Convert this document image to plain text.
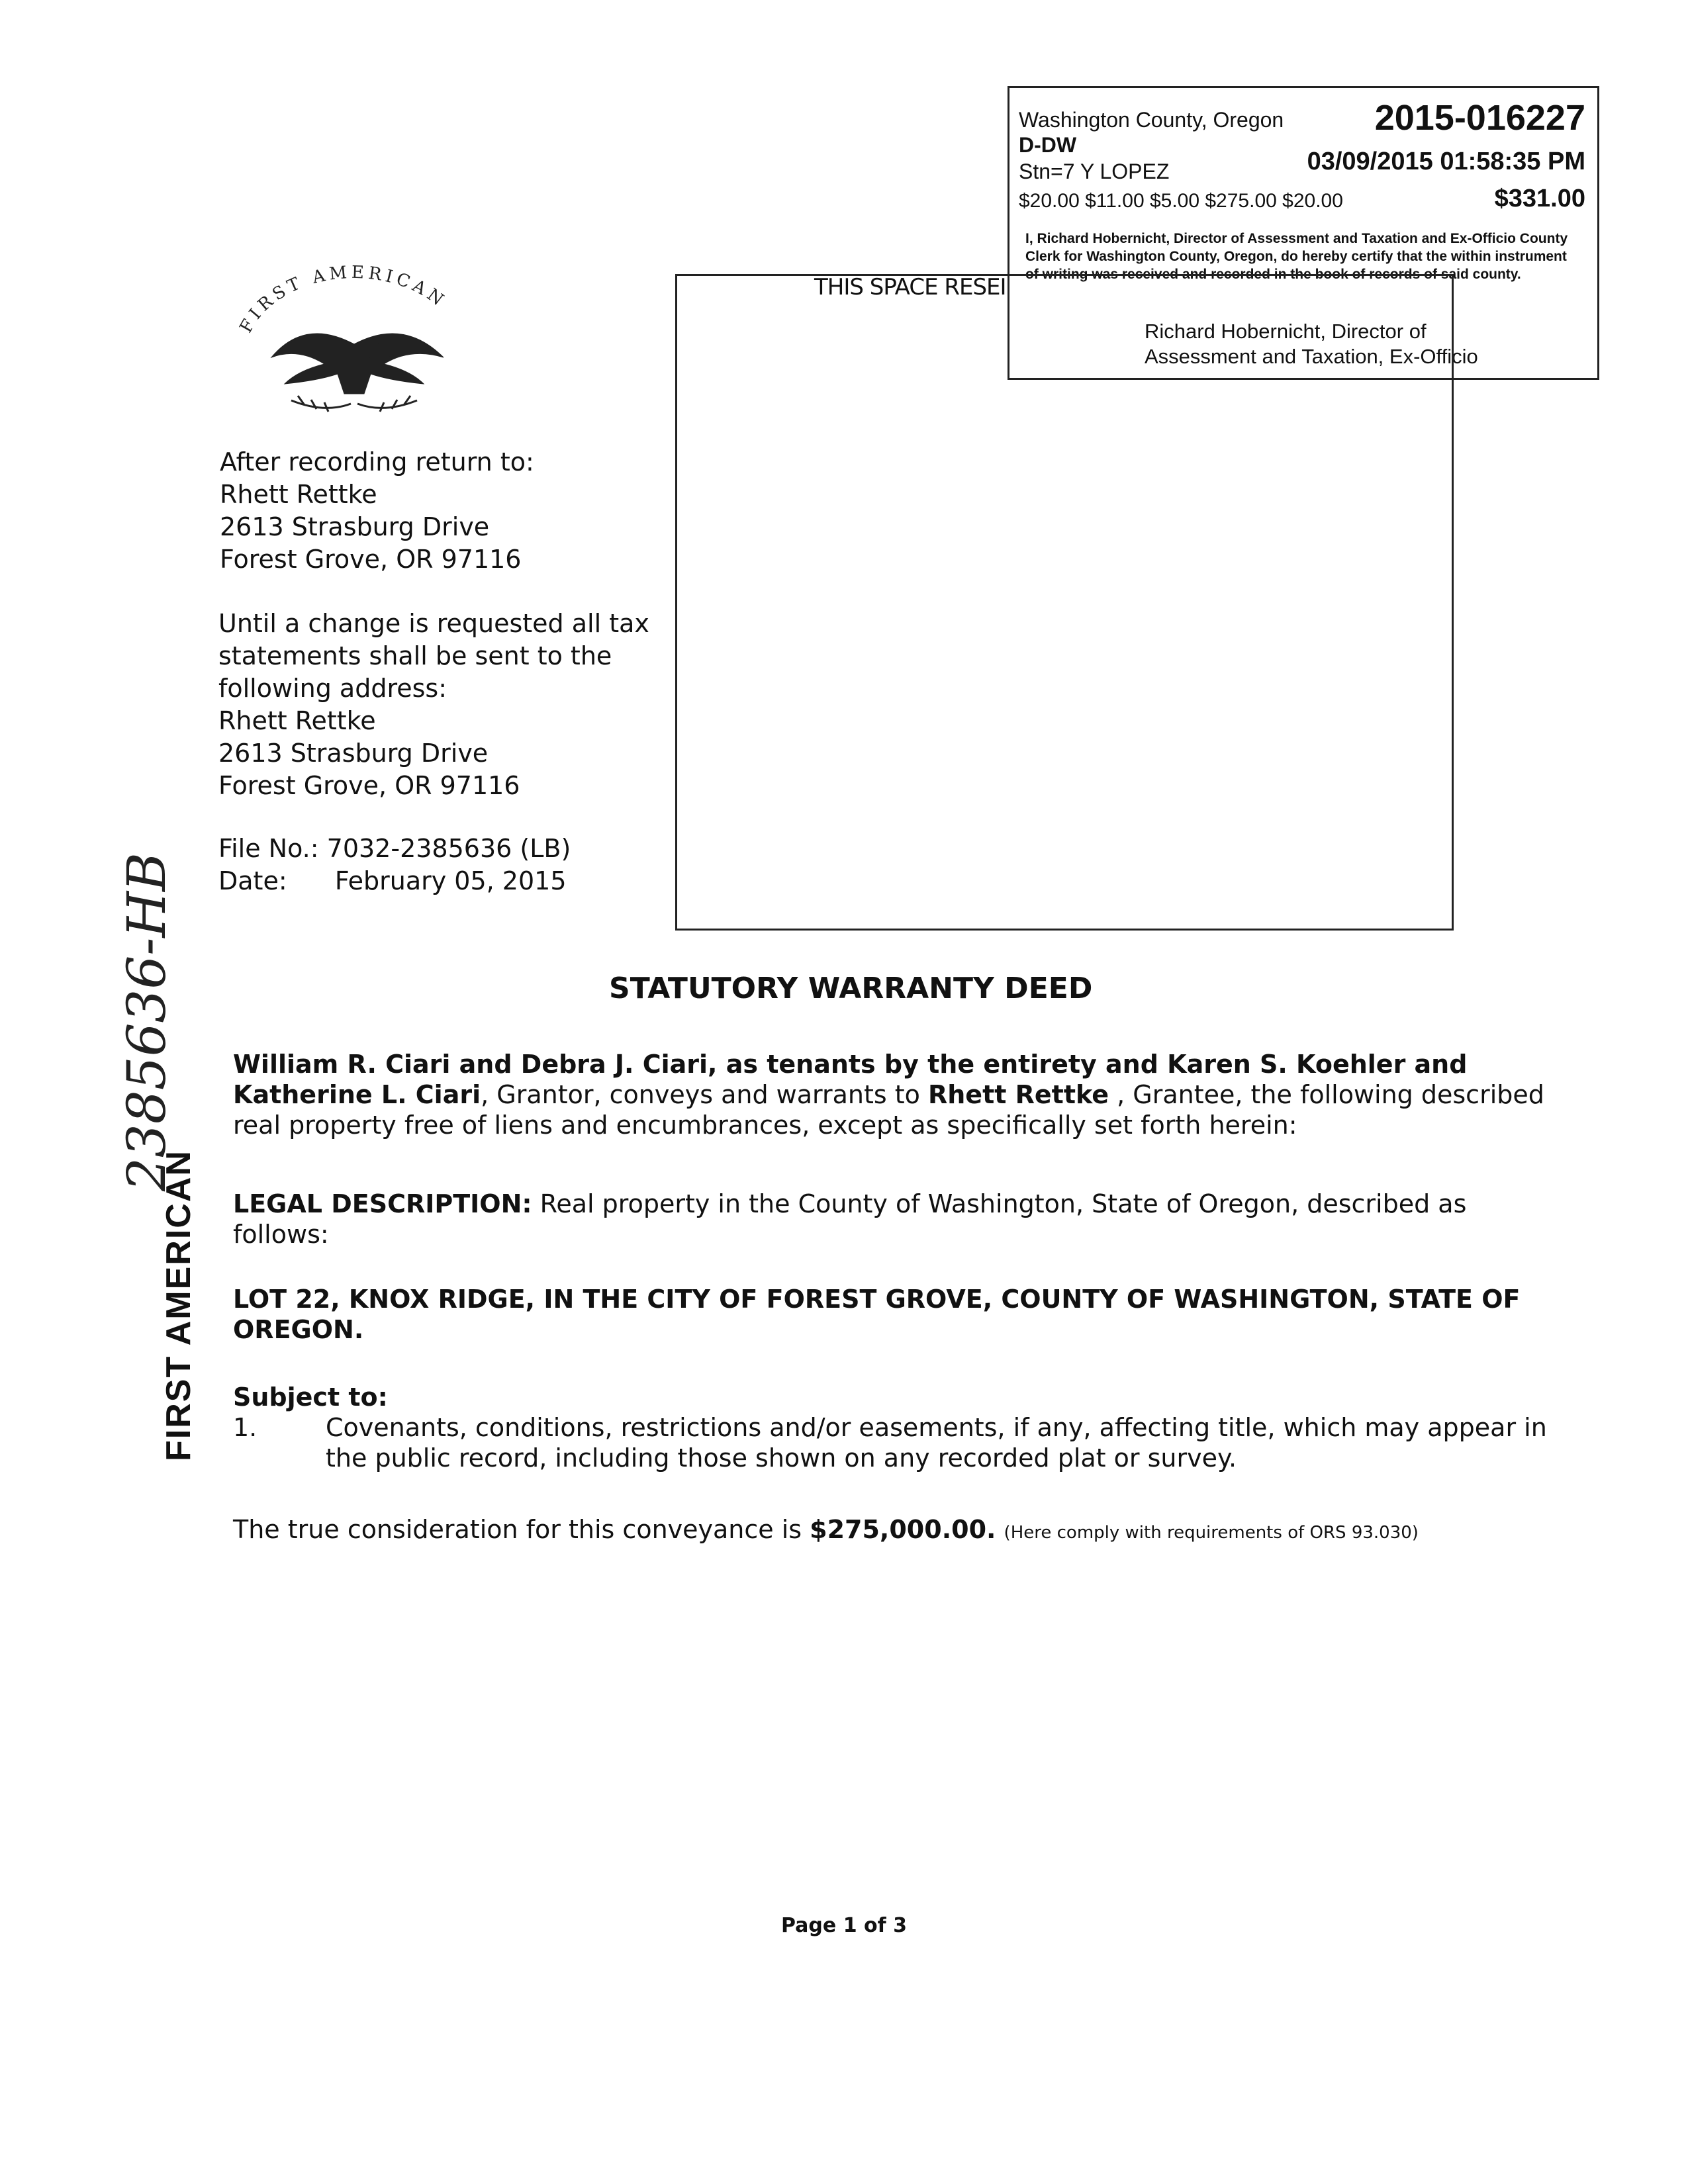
Washington County, Oregon	2015-016227
D-DW
Stn=7 Y LOPEZ	03/09/2015 01:58:35 PM
$20.00 $11.00 $5.00 $275.00 $20.00	$331.00
I, Richard Hobernicht, Director of Assessment and Taxation and Ex-Officio County Clerk for Washington County, Oregon, do hereby certify that the within instrument of writing was received and recorded in the book of records of said county.
Richard Hobernicht, Director of
Assessment and Taxation, Ex-Officio
THIS SPACE RESEI
FIRST AMERICAN
After recording return to:
Rhett Rettke
2613 Strasburg Drive
Forest Grove, OR 97116
Until a change is requested all tax
statements shall be sent to the
following address:
Rhett Rettke
2613 Strasburg Drive
Forest Grove, OR 97116
File No.: 7032-2385636 (LB)
Date: February 05, 2015
STATUTORY WARRANTY DEED
William R. Ciari and Debra J. Ciari, as tenants by the entirety and Karen S. Koehler and
Katherine L. Ciari, Grantor, conveys and warrants to Rhett Rettke , Grantee, the following described
real property free of liens and encumbrances, except as specifically set forth herein:
LEGAL DESCRIPTION: Real property in the County of Washington, State of Oregon, described as
follows:
LOT 22, KNOX RIDGE, IN THE CITY OF FOREST GROVE, COUNTY OF WASHINGTON, STATE OF
OREGON.
Subject to:
1.	Covenants, conditions, restrictions and/or easements, if any, affecting title, which may appear in
the public record, including those shown on any recorded plat or survey.
The true consideration for this conveyance is $275,000.00. (Here comply with requirements of ORS 93.030)
FIRST AMERICAN
2385636-HB
Page 1 of 3
